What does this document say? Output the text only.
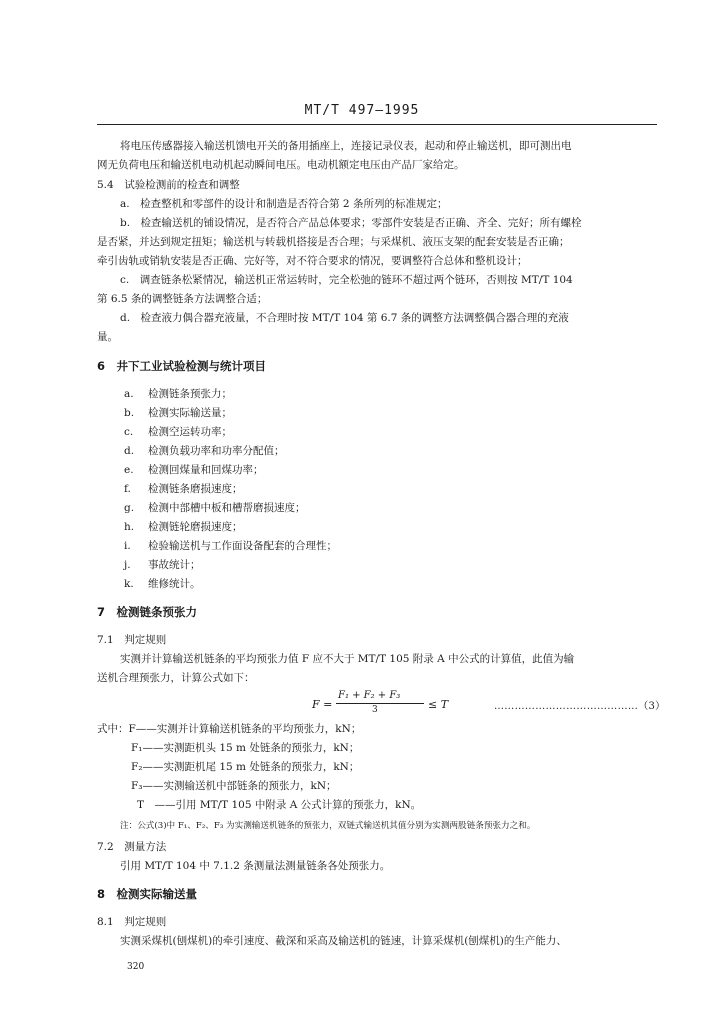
MT/T 497—1995
将电压传感器接入输送机馈电开关的备用插座上，连接记录仪表，起动和停止输送机，即可测出电
网无负荷电压和输送机电动机起动瞬间电压。电动机额定电压由产品厂家给定。
5.4　试验检测前的检查和调整
a.　检查整机和零部件的设计和制造是否符合第 2 条所列的标准规定；
b.　检查输送机的铺设情况，是否符合产品总体要求；零部件安装是否正确、齐全、完好；所有螺栓
是否紧，并达到规定扭矩；输送机与转载机搭接是否合理；与采煤机、液压支架的配套安装是否正确；
牵引齿轨或销轨安装是否正确、完好等，对不符合要求的情况，要调整符合总体和整机设计；
c.　调查链条松紧情况，输送机正常运转时，完全松弛的链环不超过两个链环，否则按 MT/T 104
第 6.5 条的调整链条方法调整合适；
d.　检查液力偶合器充液量，不合理时按 MT/T 104 第 6.7 条的调整方法调整偶合器合理的充液
量。
6　井下工业试验检测与统计项目
a. 检测链条预张力；
b. 检测实际输送量；
c. 检测空运转功率；
d. 检测负载功率和功率分配值；
e. 检测回煤量和回煤功率；
f. 检测链条磨损速度；
g. 检测中部槽中板和槽帮磨损速度；
h. 检测链轮磨损速度；
i. 检验输送机与工作面设备配套的合理性；
j. 事故统计；
k. 维修统计。
7　检测链条预张力
7.1　判定规则
实测并计算输送机链条的平均预张力值 F 应不大于 MT/T 105 附录 A 中公式的计算值，此值为输
送机合理预张力，计算公式如下：
F =
F₁ + F₂ + F₃
3	≤ T	……………………………………（3）
式中：F——实测并计算输送机链条的平均预张力，kN；
F₁——实测距机头 15 m 处链条的预张力，kN；
F₂——实测距机尾 15 m 处链条的预张力，kN；
F₃——实测输送机中部链条的预张力，kN；
T　——引用 MT/T 105 中附录 A 公式计算的预张力，kN。
注：公式(3)中 F₁、F₂、F₃ 为实测输送机链条的预张力，双链式输送机其值分别为实测两股链条预张力之和。
7.2　测量方法
引用 MT/T 104 中 7.1.2 条测量法测量链条各处预张力。
8　检测实际输送量
8.1　判定规则
实测采煤机(刨煤机)的牵引速度、截深和采高及输送机的链速，计算采煤机(刨煤机)的生产能力、
320
